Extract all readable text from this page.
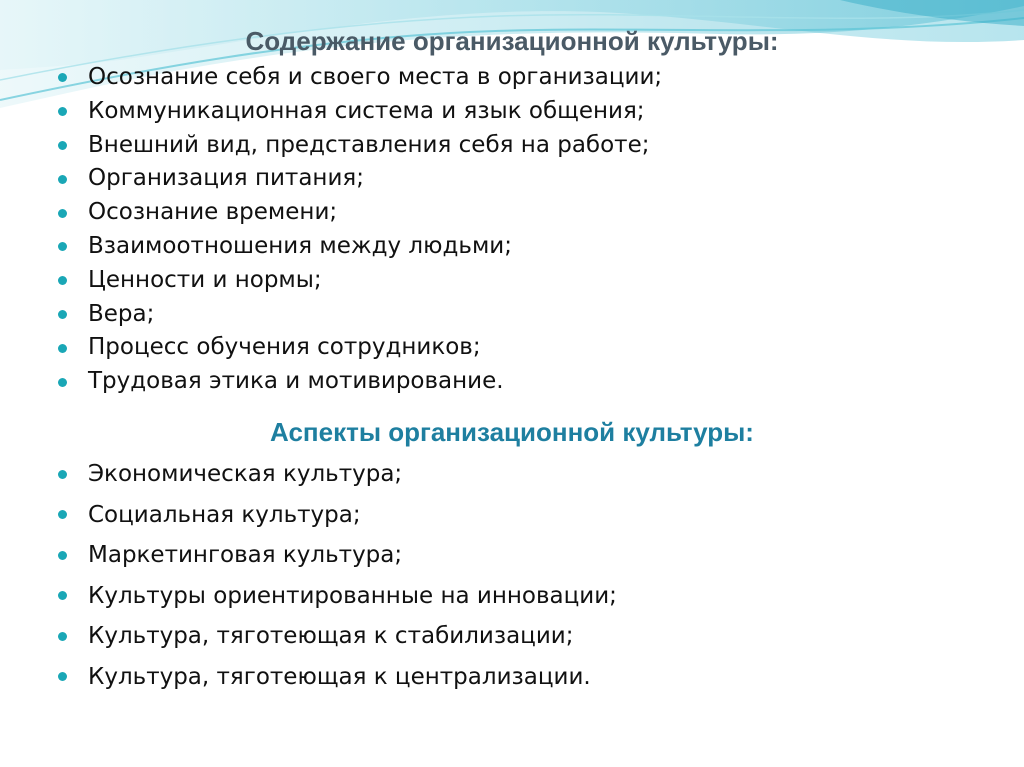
Содержание организационной культуры:
Осознание себя и своего места в организации;
Коммуникационная система и язык общения;
Внешний вид, представления себя на работе;
Организация питания;
Осознание времени;
Взаимоотношения между людьми;
Ценности и нормы;
Вера;
Процесс обучения сотрудников;
Трудовая этика и мотивирование.
Аспекты организационной культуры:
Экономическая культура;
Социальная культура;
Маркетинговая культура;
Культуры ориентированные на инновации;
Культура, тяготеющая к стабилизации;
Культура, тяготеющая к централизации.
